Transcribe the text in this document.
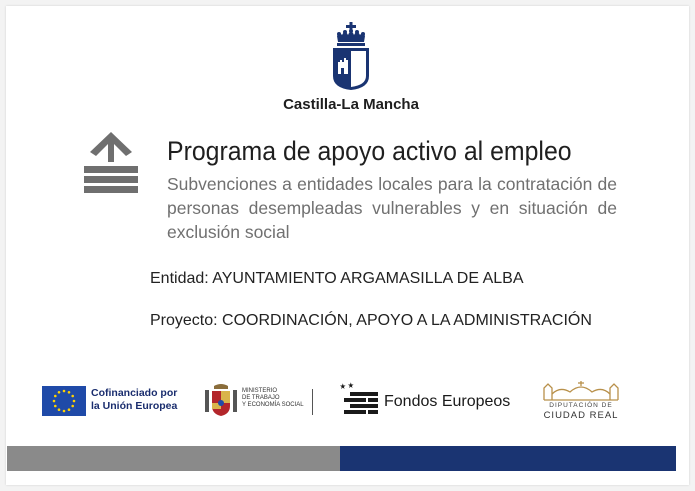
Castilla-La Mancha
Programa de apoyo activo al empleo
Subvenciones a entidades locales para la contratación de personas desempleadas vulnerables y en situación de exclusión social
Entidad: AYUNTAMIENTO ARGAMASILLA DE ALBA
Proyecto: COORDINACIÓN, APOYO A LA ADMINISTRACIÓN
Cofinanciado por
la Unión Europea
MINISTERIO
DE TRABAJO
Y ECONOMÍA SOCIAL	Fondos Europeos	DIPUTACIÓN DE
CIUDAD REAL
